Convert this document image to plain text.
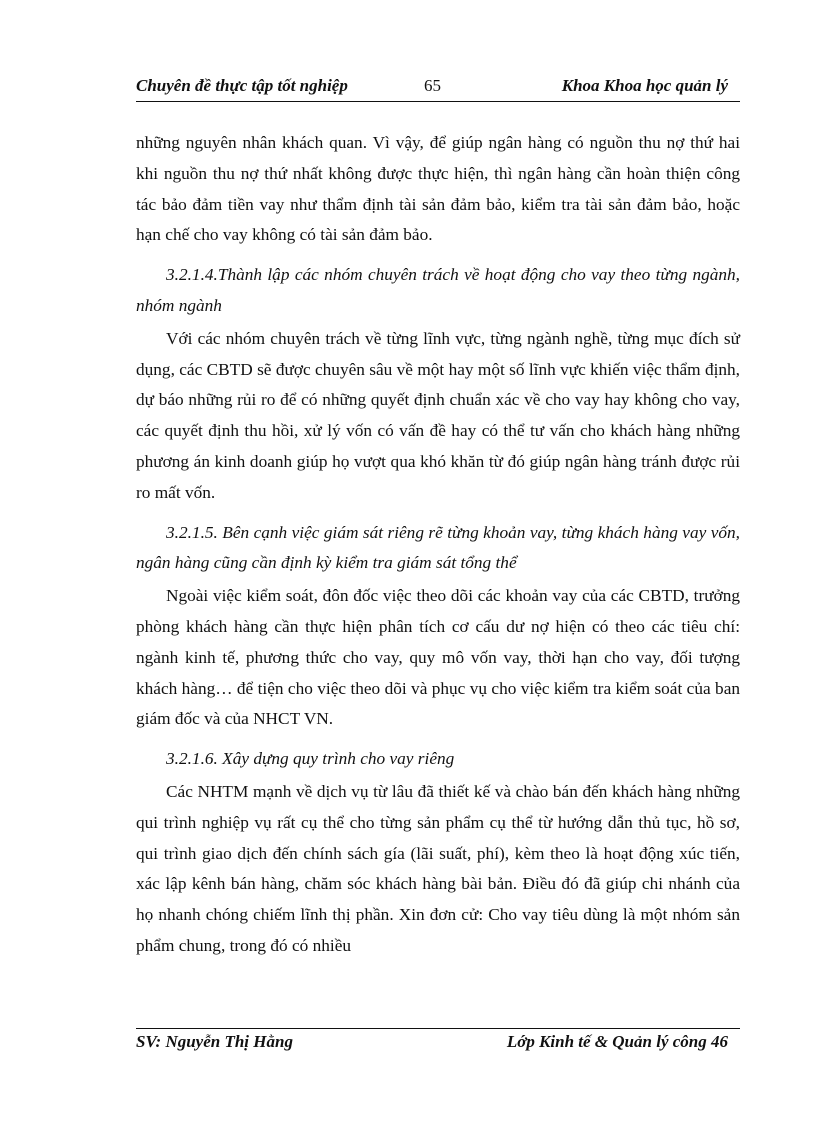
Chuyên đề thực tập tốt nghiệp	65	Khoa Khoa học quản lý

những nguyên nhân khách quan. Vì vậy, để giúp ngân hàng có nguồn thu nợ thứ hai khi nguồn thu nợ thứ nhất không được thực hiện, thì ngân hàng cần hoàn thiện công tác bảo đảm tiền vay như thẩm định tài sản đảm bảo, kiểm tra tài sản đảm bảo, hoặc hạn chế cho vay không có tài sản đảm bảo.

3.2.1.4.Thành lập các nhóm chuyên trách về hoạt động cho vay theo từng ngành, nhóm ngành

Với các nhóm chuyên trách về từng lĩnh vực, từng ngành nghề, từng mục đích sử dụng, các CBTD sẽ được chuyên sâu về một hay một số lĩnh vực khiến việc thẩm định, dự báo những rủi ro để có những quyết định chuẩn xác về cho vay hay không cho vay, các quyết định thu hồi, xử lý vốn có vấn đề hay có thể tư vấn cho khách hàng những phương án kinh doanh giúp họ vượt qua khó khăn từ đó giúp ngân hàng tránh được rủi ro mất vốn.

3.2.1.5. Bên cạnh việc giám sát riêng rẽ từng khoản vay, từng khách hàng vay vốn, ngân hàng cũng cần định kỳ kiểm tra giám sát tổng thể

Ngoài việc kiểm soát, đôn đốc việc theo dõi các khoản vay của các CBTD, trưởng phòng khách hàng cần thực hiện phân tích cơ cấu dư nợ hiện có theo các tiêu chí: ngành kinh tế, phương thức cho vay, quy mô vốn vay, thời hạn cho vay, đối tượng khách hàng… để tiện cho việc theo dõi và phục vụ cho việc kiểm tra kiểm soát của ban giám đốc và của NHCT VN.

3.2.1.6. Xây dựng quy trình cho vay riêng

Các NHTM mạnh về dịch vụ từ lâu đã thiết kế và chào bán đến khách hàng những qui trình nghiệp vụ rất cụ thể cho từng sản phẩm cụ thể từ hướng dẫn thủ tục, hồ sơ, qui trình giao dịch đến chính sách gía (lãi suất, phí), kèm theo là hoạt động xúc tiến, xác lập kênh bán hàng, chăm sóc khách hàng bài bản. Điều đó đã giúp chi nhánh của họ nhanh chóng chiếm lĩnh thị phần. Xin đơn cử: Cho vay tiêu dùng là một nhóm sản phẩm chung, trong đó có nhiều

SV: Nguyễn Thị Hằng	Lớp Kinh tế & Quản lý công 46
